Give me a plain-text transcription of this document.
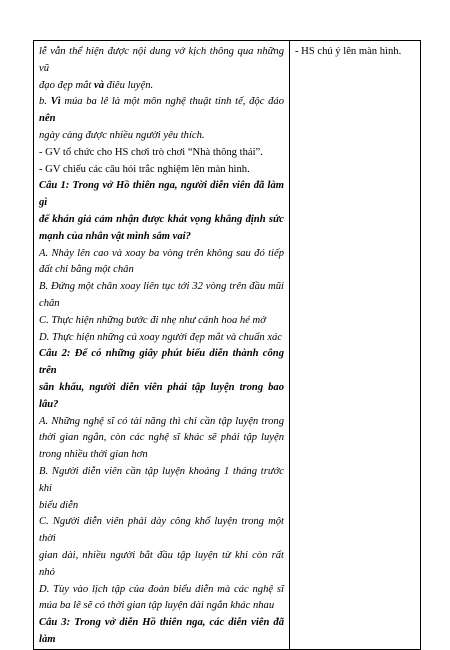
lễ vẫn thể hiện được nội dung vở kịch thông qua những vũ
đạo đẹp mắt và điêu luyện.
b. Vì múa ba lê là một môn nghệ thuật tinh tế, độc đáo nên
ngày càng được nhiều người yêu thích.
- GV tổ chức cho HS chơi trò chơi “Nhà thông thái”.
- GV chiếu các câu hỏi trắc nghiệm lên màn hình.
Câu 1: Trong vở Hồ thiên nga, người diễn viên đã làm gì
để khán giả cảm nhận được khát vọng khẳng định sức
mạnh của nhân vật mình sắm vai?
A. Nhảy lên cao và xoay ba vòng trên không sau đó tiếp
đất chỉ bằng một chân
B. Đứng một chân xoay liên tục tới 32 vòng trên đầu mũi
chân
C. Thực hiện những bước đi nhẹ như cánh hoa hé mở
D. Thực hiện những cú xoay người đẹp mắt và chuẩn xác
Câu 2: Để có những giây phút biểu diễn thành công trên
sân khấu, người diễn viên phải tập luyện trong bao lâu?
A. Những nghệ sĩ có tài năng thì chỉ cần tập luyện trong
thời gian ngắn, còn các nghệ sĩ khác sẽ phải tập luyện
trong nhiều thời gian hơn
B. Người diễn viên cần tập luyện khoảng 1 tháng trước khi
biểu diễn
C. Người diễn viên phải dày công khổ luyện trong một thời
gian dài, nhiều người bắt đầu tập luyện từ khi còn rất nhỏ
D. Tùy vào lịch tập của đoàn biểu diễn mà các nghệ sĩ
múa ba lê sẽ có thời gian tập luyện dài ngắn khác nhau
Câu 3: Trong vở diễn Hồ thiên nga, các diễn viên đã làm

- HS chú ý lên màn hình.
